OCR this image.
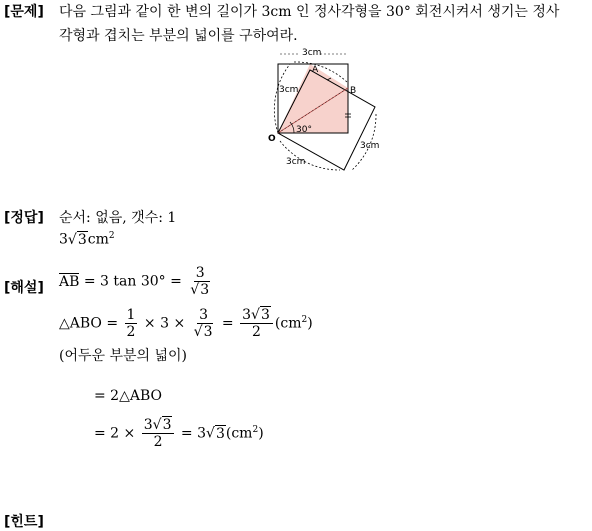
[문제] 다음 그림과 같이 한 변의 길이가 3cm 인 정사각형을 30° 회전시켜서 생기는 정사
각형과 겹치는 부분의 넓이를 구하여라.
3cm
3cm
3cm
3cm
A
B
O
30°
[정답] 순서: 없음, 갯수: 1
$3√3cm^2$
[해설] AB = 3 $\tan 30^\circ = \frac{3}{√3}$
△ABO = $\frac{1}{2} \times 3 \times \frac{3}{√3} = \frac{3√3}{2} (cm^2)$
(어두운 부분의 넓이)
= 2△ABO
= $2 \times \frac{3√3}{2} = 3√3(cm^2)$
[힌트]
